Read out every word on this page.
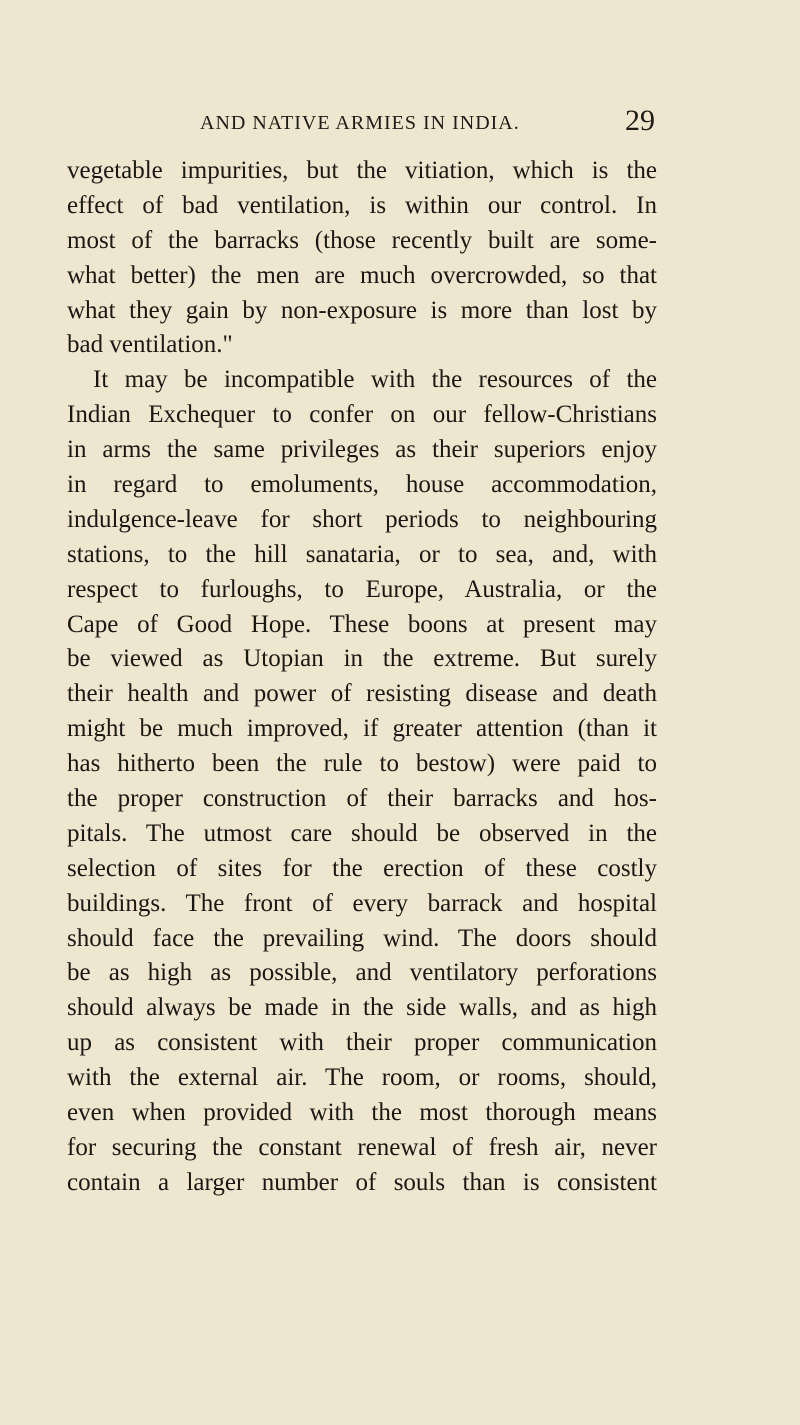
AND NATIVE ARMIES IN INDIA.	29
vegetable impurities, but the vitiation, which is the
effect of bad ventilation, is within our control. In
most of the barracks (those recently built are some-
what better) the men are much overcrowded, so that
what they gain by non-exposure is more than lost by
bad ventilation."
It may be incompatible with the resources of the
Indian Exchequer to confer on our fellow-Christians
in arms the same privileges as their superiors enjoy
in regard to emoluments, house accommodation,
indulgence-leave for short periods to neighbouring
stations, to the hill sanataria, or to sea, and, with
respect to furloughs, to Europe, Australia, or the
Cape of Good Hope. These boons at present may
be viewed as Utopian in the extreme. But surely
their health and power of resisting disease and death
might be much improved, if greater attention (than it
has hitherto been the rule to bestow) were paid to
the proper construction of their barracks and hos-
pitals. The utmost care should be observed in the
selection of sites for the erection of these costly
buildings. The front of every barrack and hospital
should face the prevailing wind. The doors should
be as high as possible, and ventilatory perforations
should always be made in the side walls, and as high
up as consistent with their proper communication
with the external air. The room, or rooms, should,
even when provided with the most thorough means
for securing the constant renewal of fresh air, never
contain a larger number of souls than is consistent
